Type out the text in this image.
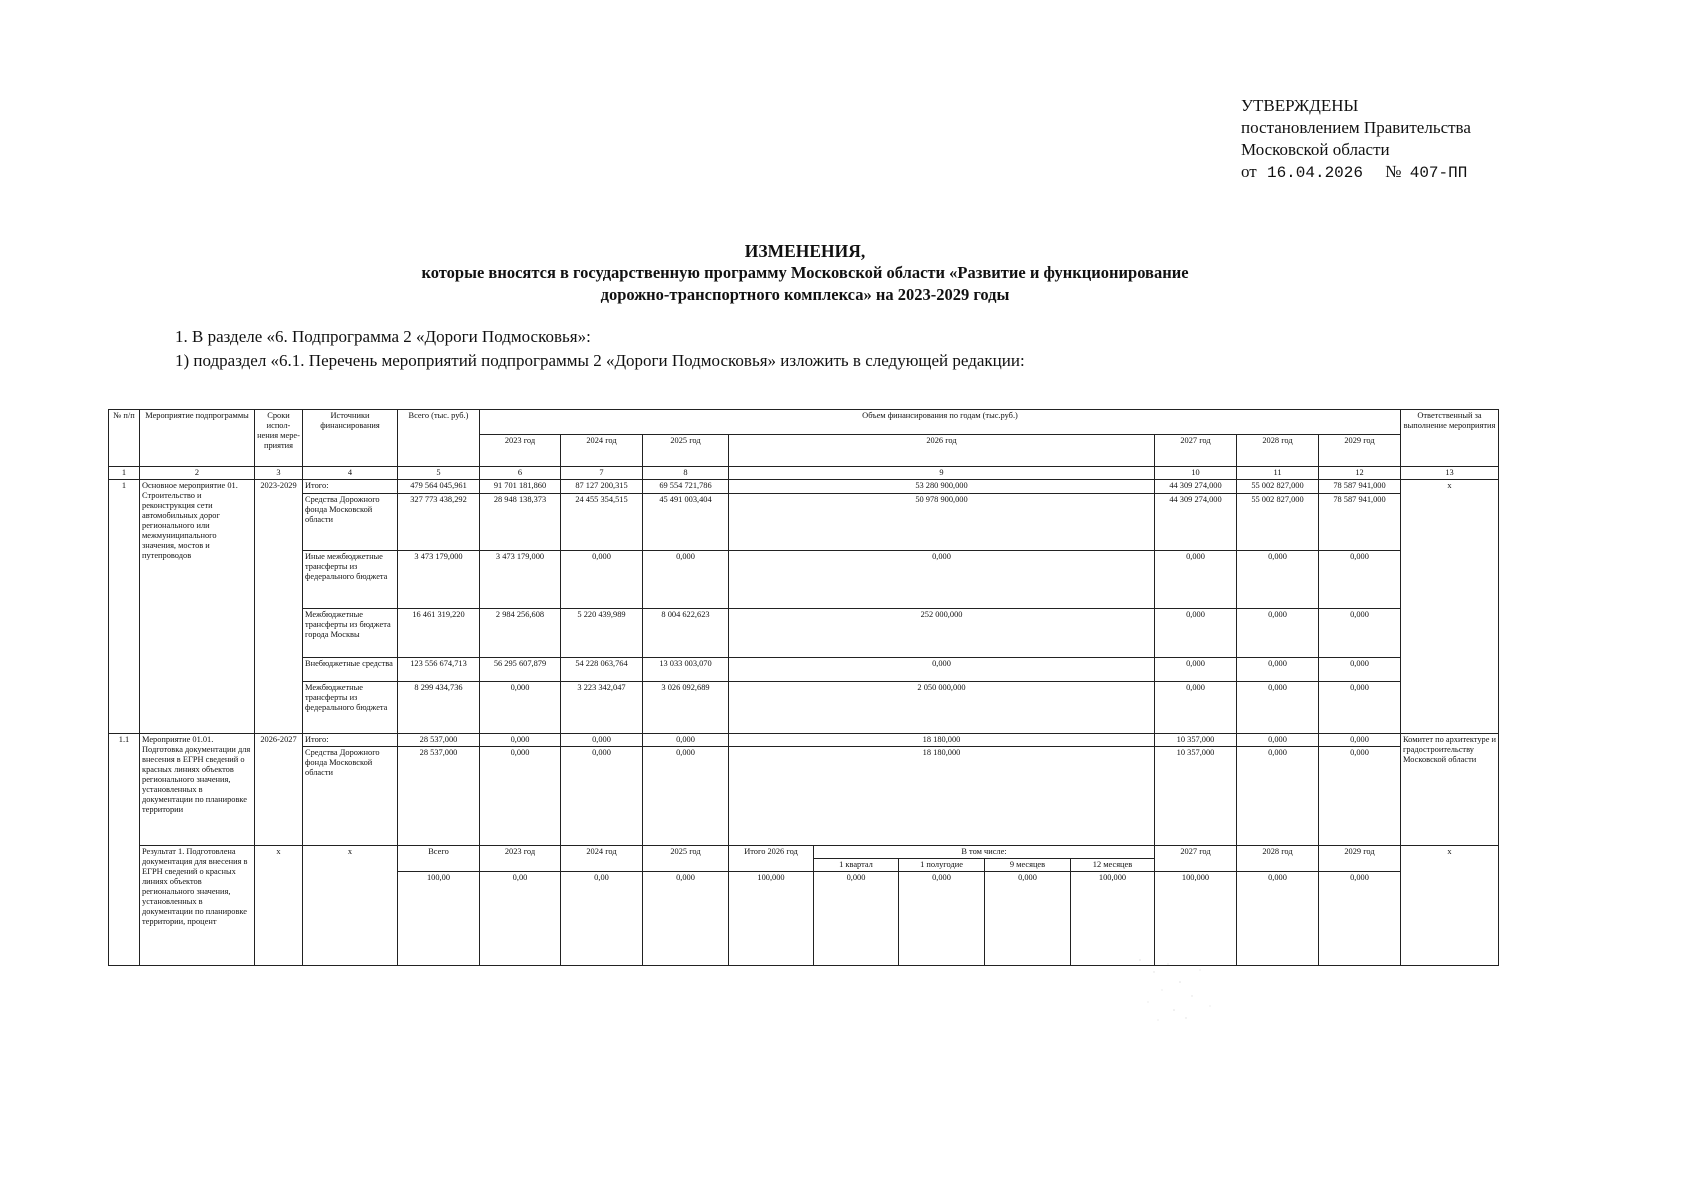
УТВЕРЖДЕНЫ
постановлением Правительства
Московской области
от 16.04.2026 № 407-ПП
ИЗМЕНЕНИЯ,
которые вносятся в государственную программу Московской области «Развитие и функционирование
дорожно-транспортного комплекса» на 2023-2029 годы
1. В разделе «6. Подпрограмма 2 «Дороги Подмосковья»:
1) подраздел «6.1. Перечень мероприятий подпрограммы 2 «Дороги Подмосковья» изложить в следующей редакции:
№ п/п	Мероприятие подпрограммы	Сроки испол-нения мере-приятия	Источники финансирования	Всего (тыс. руб.)	Объем финансирования по годам (тыс.руб.)											Ответственный за выполнение мероприятия
					2023 год	2024 год	2025 год	2026 год					2027 год	2028 год	2029 год	
1	2	3	4	5	6	7	8	9					10	11	12	13
1	Основное мероприятие 01. Строительство и реконструкция сети автомобильных дорог регионального или межмуниципального значения, мостов и путепроводов	2023-2029	Итого:	479 564 045,961	91 701 181,860	87 127 200,315	69 554 721,786	53 280 900,000					44 309 274,000	55 002 827,000	78 587 941,000	x
			Средства Дорожного фонда Московской области	327 773 438,292	28 948 138,373	24 455 354,515	45 491 003,404	50 978 900,000					44 309 274,000	55 002 827,000	78 587 941,000	
			Иные межбюджетные трансферты из федерального бюджета	3 473 179,000	3 473 179,000	0,000	0,000	0,000					0,000	0,000	0,000	
			Межбюджетные трансферты из бюджета города Москвы	16 461 319,220	2 984 256,608	5 220 439,989	8 004 622,623	252 000,000					0,000	0,000	0,000	
			Внебюджетные средства	123 556 674,713	56 295 607,879	54 228 063,764	13 033 003,070	0,000					0,000	0,000	0,000	
			Межбюджетные трансферты из федерального бюджета	8 299 434,736	0,000	3 223 342,047	3 026 092,689	2 050 000,000					0,000	0,000	0,000	
1.1	Мероприятие 01.01. Подготовка документации для внесения в ЕГРН сведений о красных линиях объектов регионального значения, установленных в документации по планировке территории	2026-2027	Итого:	28 537,000	0,000	0,000	0,000	18 180,000					10 357,000	0,000	0,000	Комитет по архитектуре и градостроительству Московской области
			Средства Дорожного фонда Московской области	28 537,000	0,000	0,000	0,000	18 180,000					10 357,000	0,000	0,000	
	Результат 1. Подготовлена документация для внесения в ЕГРН сведений о красных линиях объектов регионального значения, установленных в документации по планировке территории, процент	x	x	Всего	2023 год	2024 год	2025 год	Итого 2026 год	В том числе:				2027 год	2028 год	2029 год	x
									1 квартал	1 полугодие	9 месяцев	12 месяцев				
				100,00	0,00	0,00	0,000	100,000	0,000	0,000	0,000	100,000	100,000	0,000	0,000	
